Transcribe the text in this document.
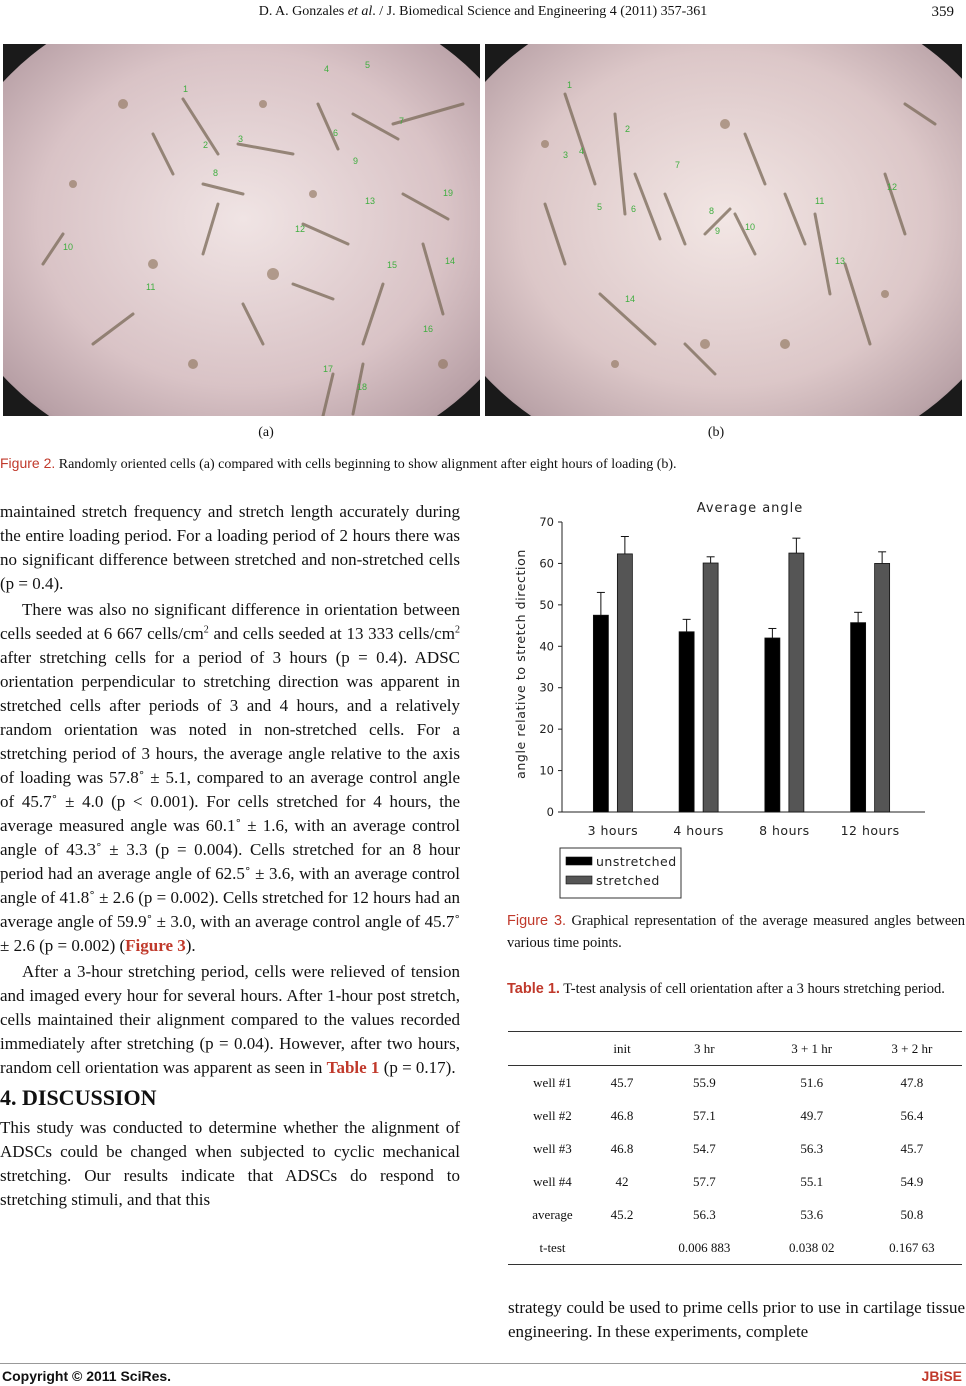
D. A. Gonzales et al. / J. Biomedical Science and Engineering 4 (2011) 357-361	359
1
2
3
4	5
6
7
8
9
10
11
12
13
14
15
16
17
18
19
1
2
3 4
5	6
7
8
9	10
11
12
13
14
(a)	(b)
Figure 2. Randomly oriented cells (a) compared with cells beginning to show alignment after eight hours of loading (b).

maintained stretch frequency and stretch length accurately during the entire loading period. For a loading period of 2 hours there was no significant difference between stretched and non-stretched cells (p = 0.4).

There was also no significant difference in orientation between cells seeded at 6 667 cells/$cm^2$ and cells seeded at 13 333 cells/$cm^2$ after stretching cells for a period of 3 hours (p = 0.4). ADSC orientation perpendicular to stretching direction was apparent in stretched cells after periods of 3 and 4 hours, and a relatively random orientation was noted in non-stretched cells. For a stretching period of 3 hours, the average angle relative to the axis of loading was 57.8˚ ± 5.1, compared to an average control angle of 45.7˚ ± 4.0 (p < 0.001). For cells stretched for 4 hours, the average measured angle was 60.1˚ ± 1.6, with an average control angle of 43.3˚ ± 3.3 (p = 0.004). Cells stretched for an 8 hour period had an average angle of 62.5˚ ± 3.6, with an average control angle of 41.8˚ ± 2.6 (p = 0.002). Cells stretched for 12 hours had an average angle of 59.9˚ ± 3.0, with an average control angle of 45.7˚ ± 2.6 (p = 0.002) (Figure 3).

After a 3-hour stretching period, cells were relieved of tension and imaged every hour for several hours. After 1-hour post stretch, cells maintained their alignment compared to the values recorded immediately after stretching (p = 0.04). However, after two hours, random cell orientation was apparent as seen in Table 1 (p = 0.17).

4. DISCUSSION

This study was conducted to determine whether the alignment of ADSCs could be changed when subjected to cyclic mechanical stretching. Our results indicate that ADSCs do respond to stretching stimuli, and that this

Average angle
angle relative to stretch direction
0
10
20
30
40
50
60
70
3 hours	4 hours	8 hours 12 hours
unstretched
stretched
Figure 3. Graphical representation of the average measured angles between various time points.
Table 1. T-test analysis of cell orientation after a 3 hours stretching period.
	init	3 hr	3 + 1 hr	3 + 2 hr
well #1	45.7	55.9	51.6	47.8
well #2	46.8	57.1	49.7	56.4
well #3	46.8	54.7	56.3	45.7
well #4	42	57.7	55.1	54.9
average	45.2	56.3	53.6	50.8
t-test		0.006 883	0.038 02	0.167 63
strategy could be used to prime cells prior to use in cartilage tissue engineering. In these experiments, complete
Copyright © 2011 SciRes.	JBiSE
